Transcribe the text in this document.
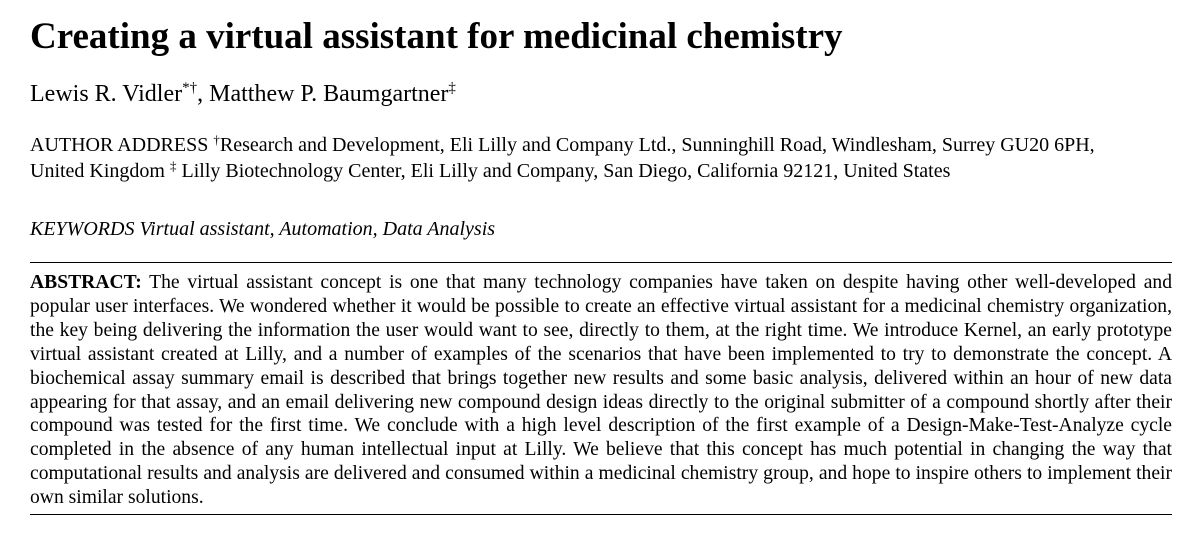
Creating a virtual assistant for medicinal chemistry
Lewis R. Vidler*†, Matthew P. Baumgartner‡
AUTHOR ADDRESS †Research and Development, Eli Lilly and Company Ltd., Sunninghill Road, Windlesham, Surrey GU20 6PH, United Kingdom ‡ Lilly Biotechnology Center, Eli Lilly and Company, San Diego, California 92121, United States
KEYWORDS Virtual assistant, Automation, Data Analysis
ABSTRACT: The virtual assistant concept is one that many technology companies have taken on despite having other well-developed and popular user interfaces. We wondered whether it would be possible to create an effective virtual assistant for a medicinal chemistry organization, the key being delivering the information the user would want to see, directly to them, at the right time. We introduce Kernel, an early prototype virtual assistant created at Lilly, and a number of examples of the scenarios that have been implemented to try to demonstrate the concept. A biochemical assay summary email is described that brings together new results and some basic analysis, delivered within an hour of new data appearing for that assay, and an email delivering new compound design ideas directly to the original submitter of a compound shortly after their compound was tested for the first time. We conclude with a high level description of the first example of a Design-Make-Test-Analyze cycle completed in the absence of any human intellectual input at Lilly. We believe that this concept has much potential in changing the way that computational results and analysis are delivered and consumed within a medicinal chemistry group, and hope to inspire others to implement their own similar solutions.
